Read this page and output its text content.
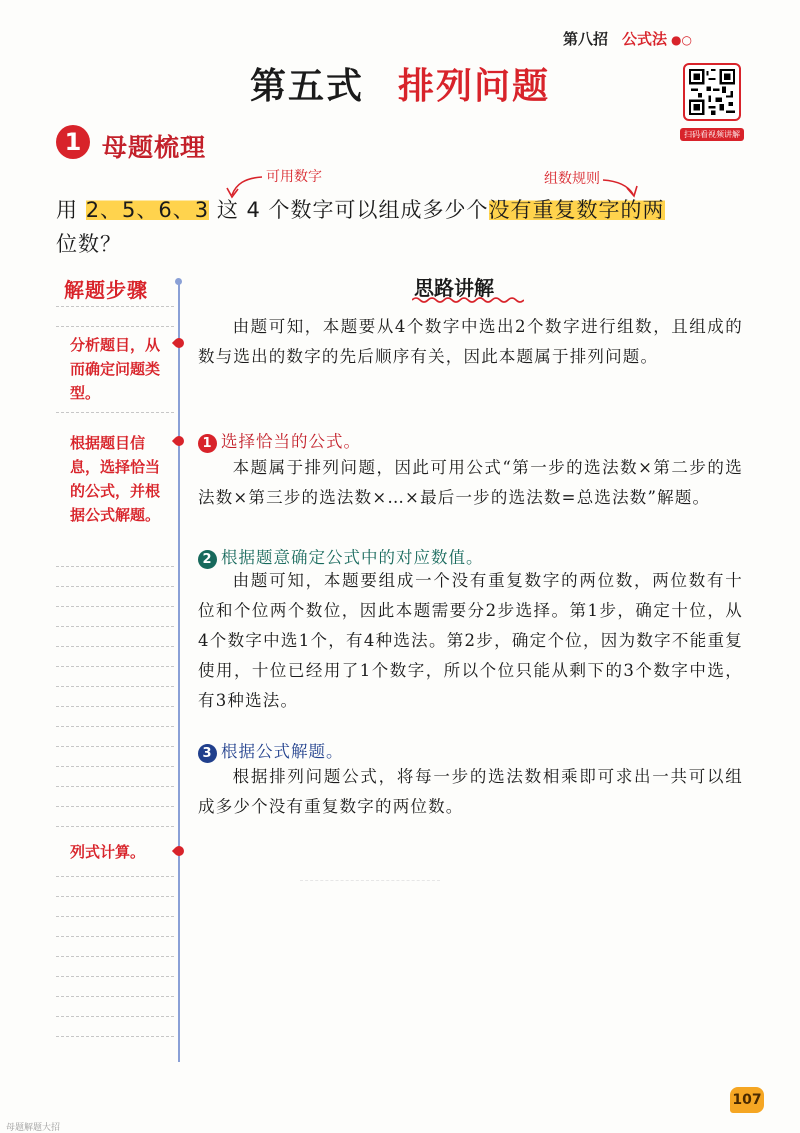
第八招 公式法 ●○
第五式 排列问题
扫码看视频讲解
1 母题梳理
可用数字	组数规则
用 2、5、6、3 这 4 个数字可以组成多少个没有重复数字的两
位数？
解题步骤
分析题目，从而确定问题类型。
根据题目信息，选择恰当的公式，并根据公式解题。
列式计算。
思路讲解
由题可知，本题要从4个数字中选出2个数字进行组数，且组成的数与选出的数字的先后顺序有关，因此本题属于排列问题。
1 选择恰当的公式。
本题属于排列问题，因此可用公式“第一步的选法数×第二步的选法数×第三步的选法数×…×最后一步的选法数=总选法数”解题。
2 根据题意确定公式中的对应数值。
由题可知，本题要组成一个没有重复数字的两位数，两位数有十位和个位两个数位，因此本题需要分2步选择。第1步，确定十位，从4个数字中选1个，有4种选法。第2步，确定个位，因为数字不能重复使用，十位已经用了1个数字，所以个位只能从剩下的3个数字中选，有3种选法。
3 根据公式解题。
根据排列问题公式，将每一步的选法数相乘即可求出一共可以组成多少个没有重复数字的两位数。
107
母题解题大招
